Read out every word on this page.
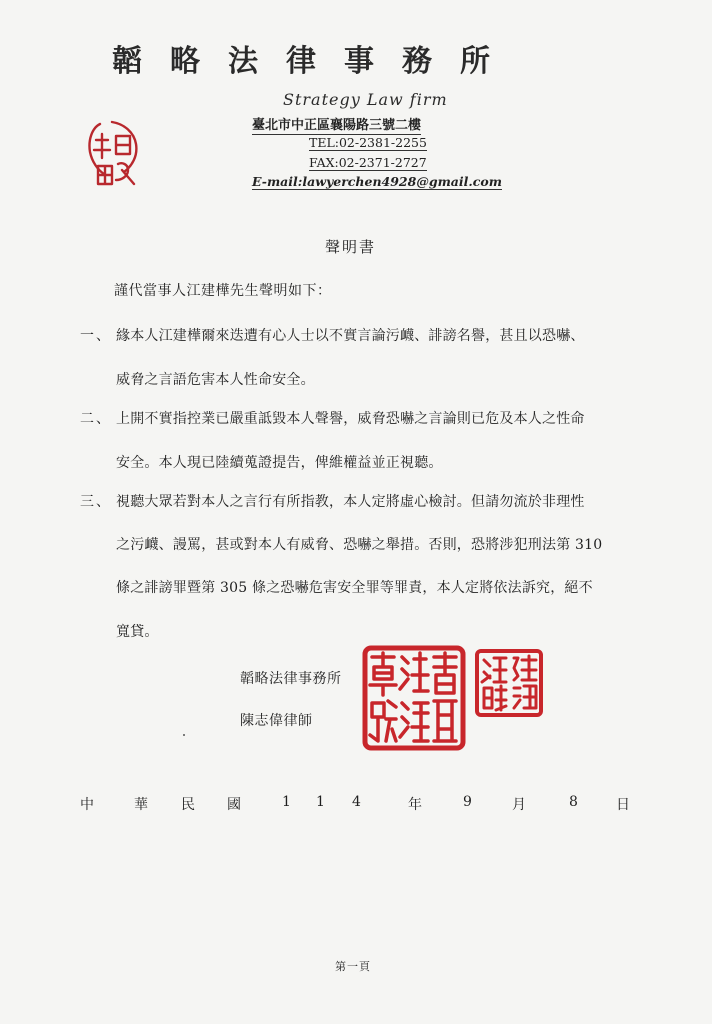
韜略法律事務所
Strategy Law firm
臺北市中正區襄陽路三號二樓
TEL:02-2381-2255
FAX:02-2371-2727
E-mail:lawyerchen4928@gmail.com
聲明書
謹代當事人江建樺先生聲明如下：
一、 緣本人江建樺爾來迭遭有心人士以不實言論污衊、誹謗名譽，甚且以恐嚇、
威脅之言語危害本人性命安全。
二、 上開不實指控業已嚴重詆毀本人聲譽，威脅恐嚇之言論則已危及本人之性命
安全。本人現已陸續蒐證提告，俾維權益並正視聽。
三、 視聽大眾若對本人之言行有所指教，本人定將虛心檢討。但請勿流於非理性
之污衊、謾罵，甚或對本人有威脅、恐嚇之舉措。否則，恐將涉犯刑法第 310
條之誹謗罪暨第 305 條之恐嚇危害安全罪等罪責，本人定將依法訴究，絕不
寬貸。
韜略法律事務所
陳志偉律師
中	華 民 國	1 1 4	年	9	月	8	日
第一頁
